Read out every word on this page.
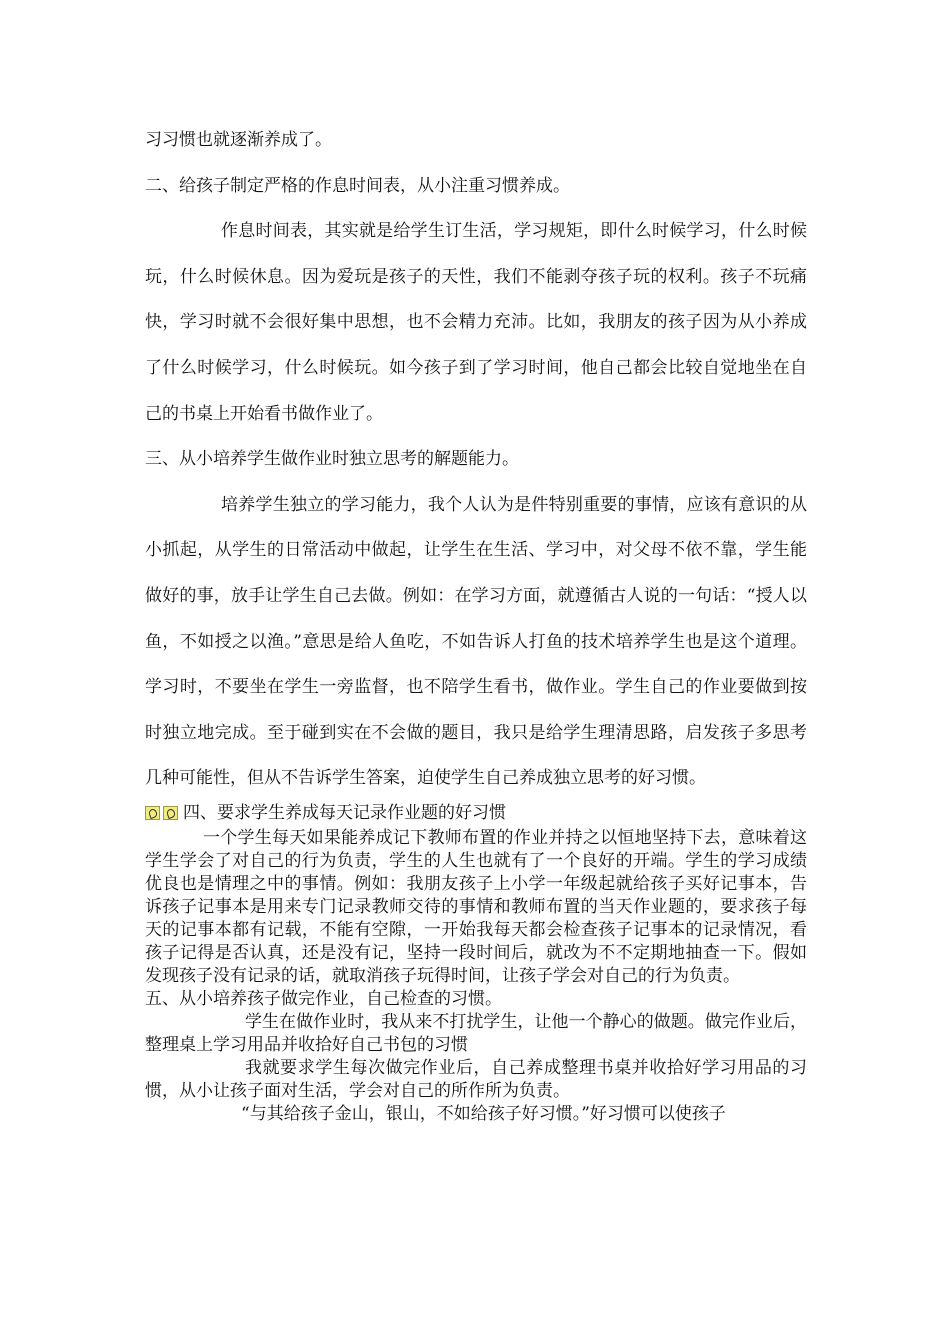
习习惯也就逐渐养成了。

二、给孩子制定严格的作息时间表，从小注重习惯养成。

作息时间表，其实就是给学生订生活，学习规矩，即什么时候学习，什么时候玩，什么时候休息。因为爱玩是孩子的天性，我们不能剥夺孩子玩的权利。孩子不玩痛快，学习时就不会很好集中思想，也不会精力充沛。比如，我朋友的孩子因为从小养成了什么时候学习，什么时候玩。如今孩子到了学习时间，他自己都会比较自觉地坐在自己的书桌上开始看书做作业了。

三、从小培养学生做作业时独立思考的解题能力。

培养学生独立的学习能力，我个人认为是件特别重要的事情，应该有意识的从小抓起，从学生的日常活动中做起，让学生在生活、学习中，对父母不依不靠，学生能做好的事，放手让学生自己去做。例如：在学习方面，就遵循古人说的一句话：“授人以鱼，不如授之以渔。”意思是给人鱼吃，不如告诉人打鱼的技术培养学生也是这个道理。学习时，不要坐在学生一旁监督，也不陪学生看书，做作业。学生自己的作业要做到按时独立地完成。至于碰到实在不会做的题目，我只是给学生理清思路，启发孩子多思考几种可能性，但从不告诉学生答案，迫使学生自己养成独立思考的好习惯。

四、要求学生养成每天记录作业题的好习惯

一个学生每天如果能养成记下教师布置的作业并持之以恒地坚持下去，意味着这学生学会了对自己的行为负责，学生的人生也就有了一个良好的开端。学生的学习成绩优良也是情理之中的事情。例如：我朋友孩子上小学一年级起就给孩子买好记事本，告诉孩子记事本是用来专门记录教师交待的事情和教师布置的当天作业题的，要求孩子每天的记事本都有记载，不能有空隙，一开始我每天都会检查孩子记事本的记录情况，看孩子记得是否认真，还是没有记，坚持一段时间后，就改为不不定期地抽查一下。假如发现孩子没有记录的话，就取消孩子玩得时间，让孩子学会对自己的行为负责。

五、从小培养孩子做完作业，自己检查的习惯。

学生在做作业时，我从来不打扰学生，让他一个静心的做题。做完作业后，整理桌上学习用品并收拾好自己书包的习惯

我就要求学生每次做完作业后，自己养成整理书桌并收拾好学习用品的习惯，从小让孩子面对生活，学会对自己的所作所为负责。

“与其给孩子金山，银山，不如给孩子好习惯。”好习惯可以使孩子
